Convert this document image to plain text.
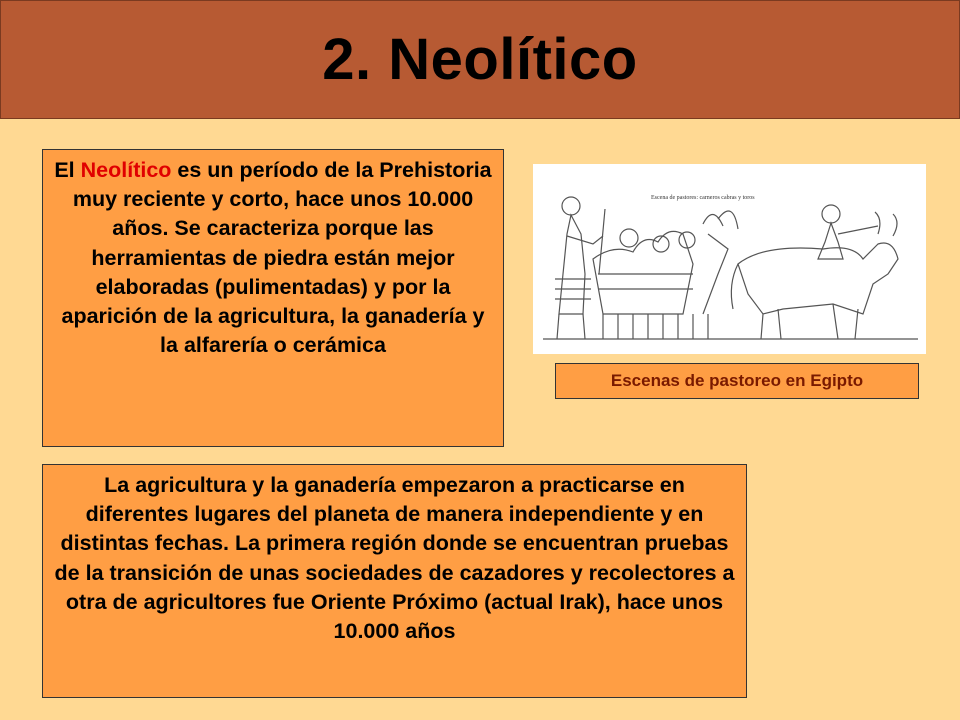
2. Neolítico
El Neolítico es un período de la Prehistoria muy reciente y corto, hace unos 10.000 años. Se caracteriza porque las herramientas de piedra están mejor elaboradas (pulimentadas) y por la aparición de la agricultura, la ganadería y la alfarería o cerámica
Escena de pastores: carneros cabras y toros
Escenas de pastoreo en Egipto
La agricultura y la ganadería empezaron a practicarse en diferentes lugares del planeta de manera independiente y en distintas fechas. La primera región donde se encuentran pruebas de la transición de unas sociedades de cazadores y recolectores a otra de agricultores fue Oriente Próximo (actual Irak), hace unos 10.000 años
